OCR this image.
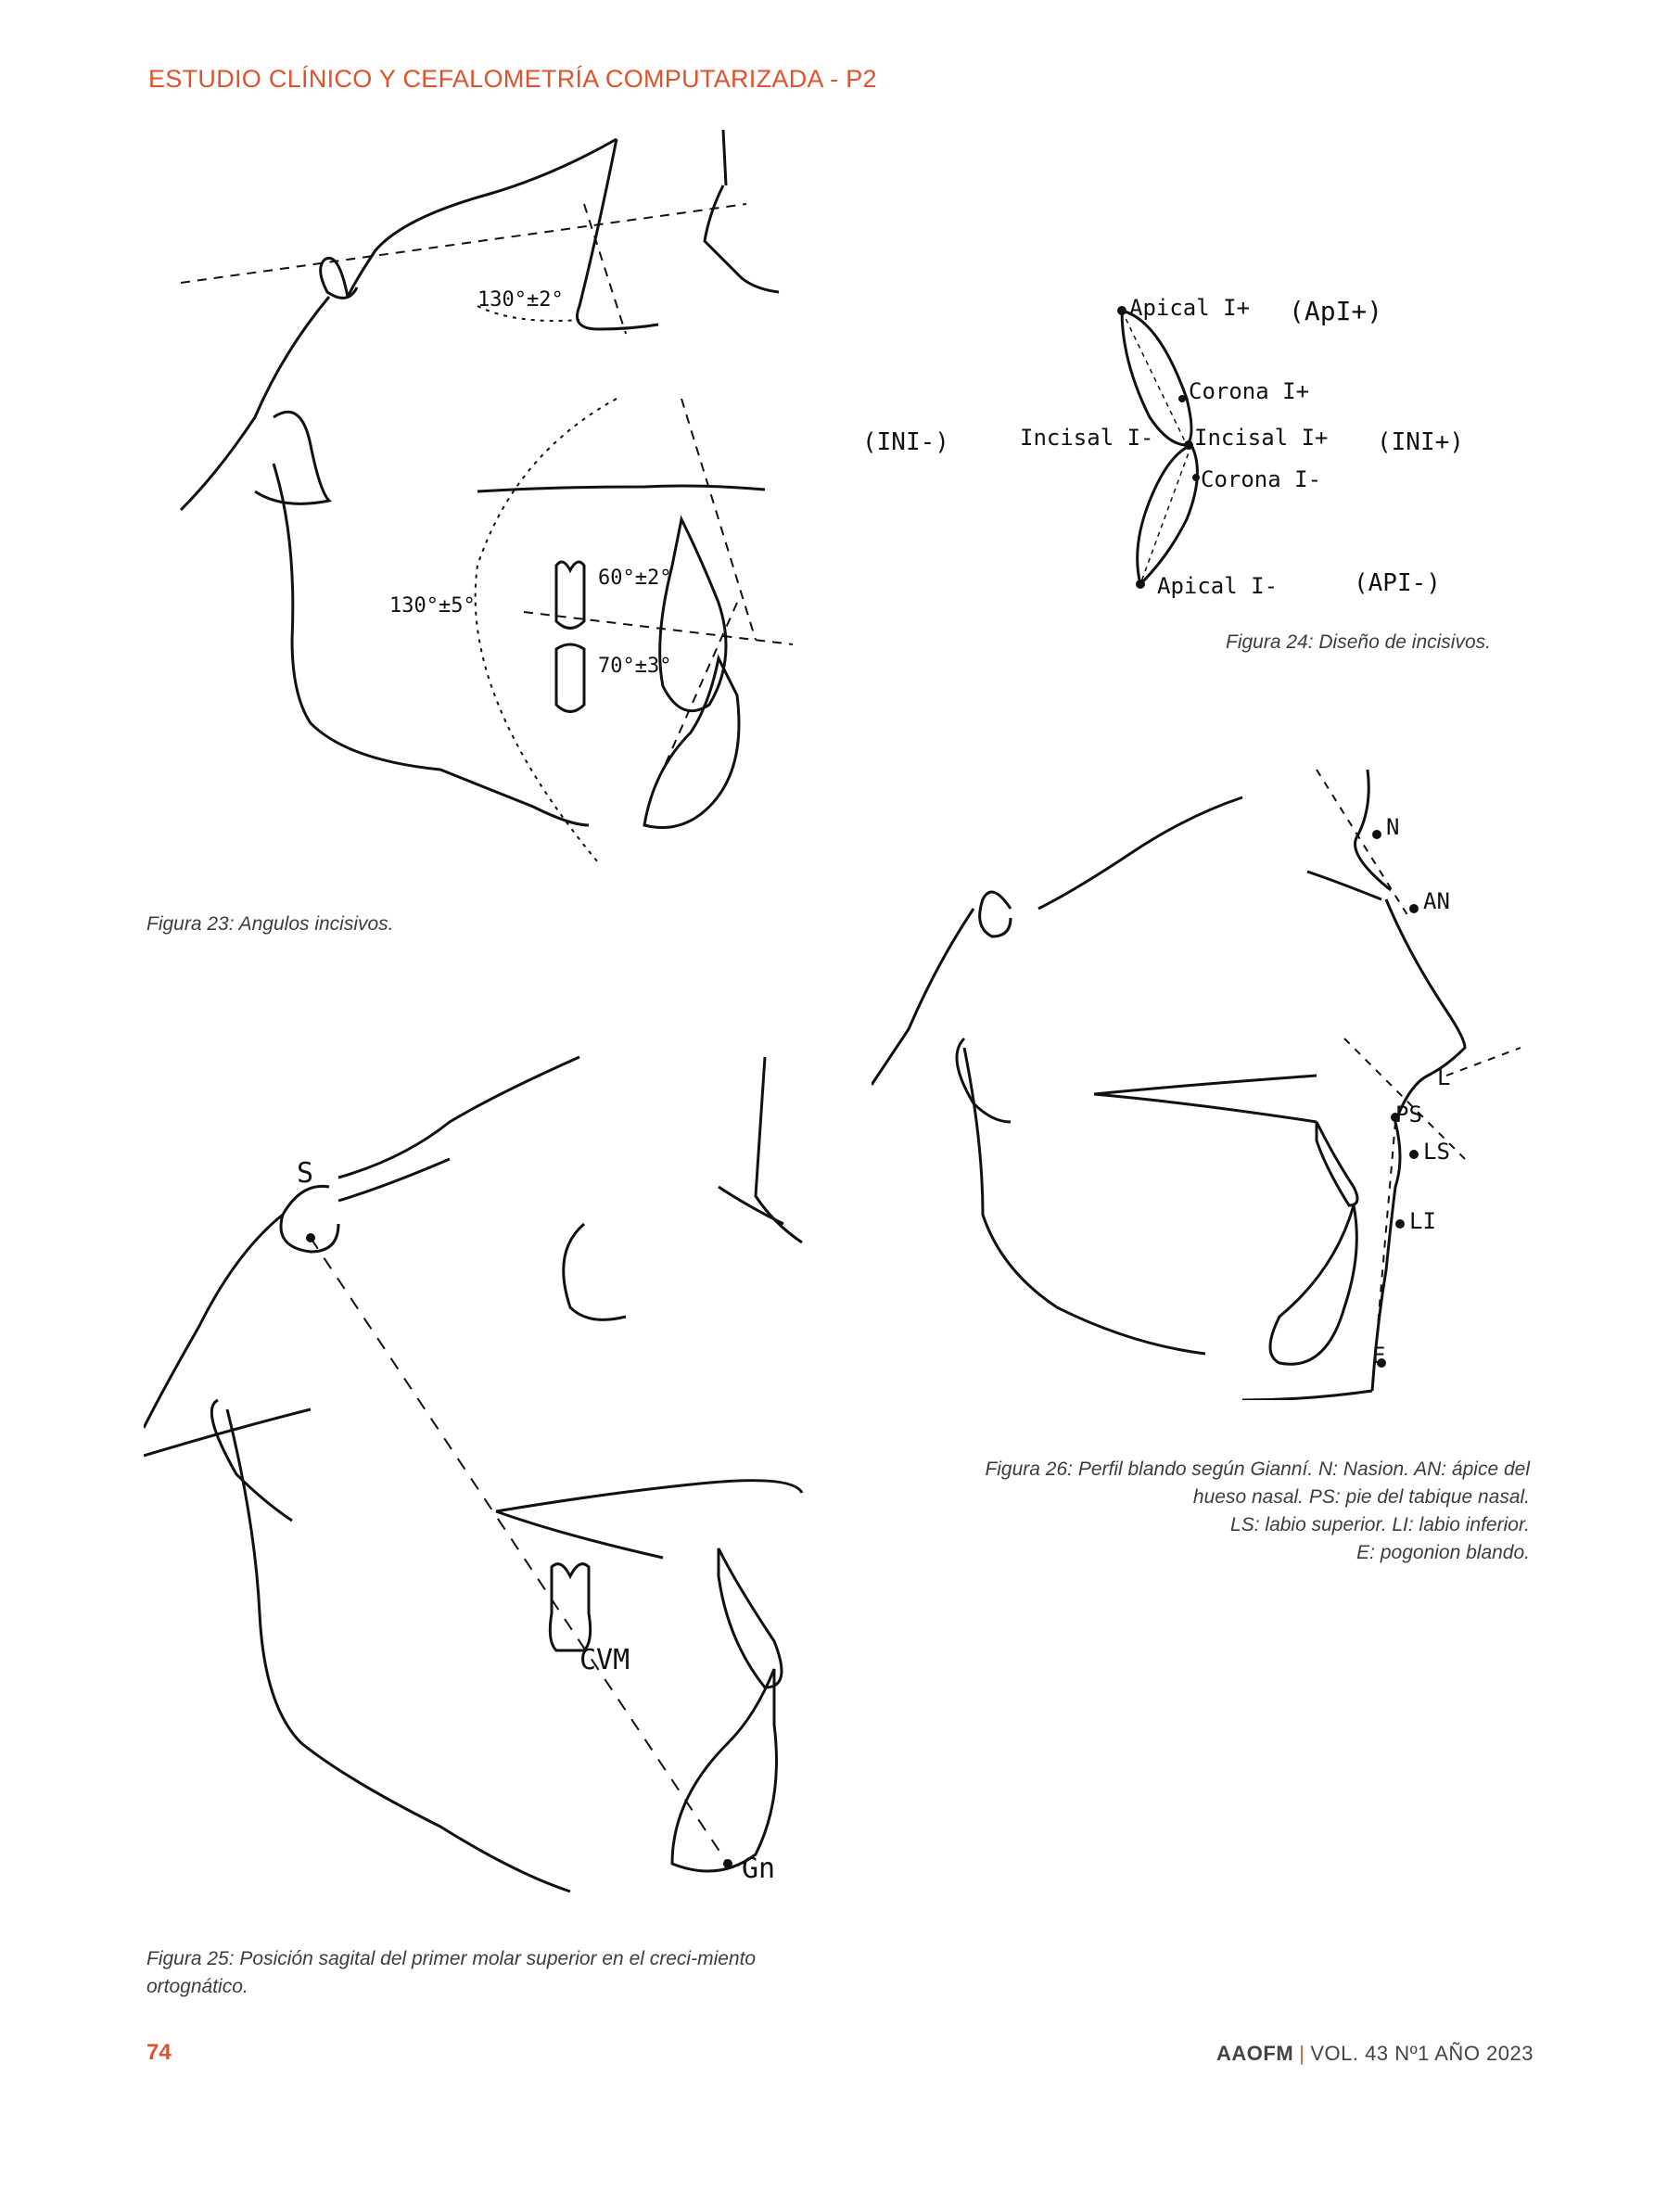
ESTUDIO CLÍNICO Y CEFALOMETRÍA COMPUTARIZADA - P2
130°±2°
130°±5°
60°±2°
70°±3°
Figura 23: Angulos incisivos.
Apical I+ (ApI+)
Corona I+
Incisal I+ (INI+)
Incisal I-
(INI-)
Corona I-
Apical I-	(API-)
Figura 24: Diseño de incisivos.
S
CVM
Gn
Figura 25: Posición sagital del primer molar superior en el creci-miento ortognático.
N
AN
L
PS
LS
LI
E
Figura 26: Perfil blando según Gianní. N: Nasion. AN: ápice del
hueso nasal. PS: pie del tabique nasal.
LS: labio superior. LI: labio inferior.
E: pogonion blando.
74	AAOFM | VOL. 43 Nº1 AÑO 2023
